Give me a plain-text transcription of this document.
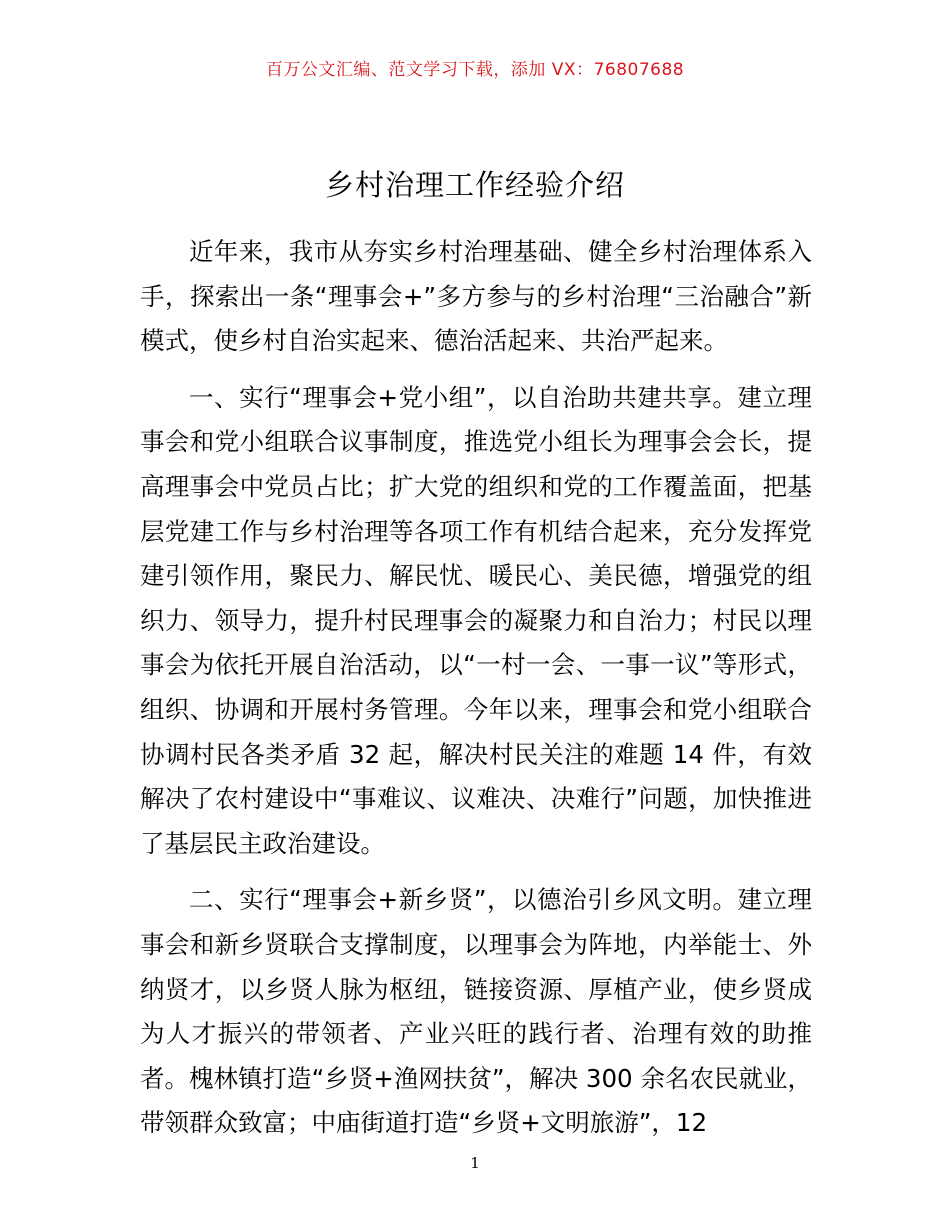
百万公文汇编、范文学习下载，添加 VX：76807688
乡村治理工作经验介绍

近年来，我市从夯实乡村治理基础、健全乡村治理体系入手，探索出一条“理事会+”多方参与的乡村治理“三治融合”新模式，使乡村自治实起来、德治活起来、共治严起来。

一、实行“理事会+党小组”，以自治助共建共享。建立理事会和党小组联合议事制度，推选党小组长为理事会会长，提高理事会中党员占比；扩大党的组织和党的工作覆盖面，把基层党建工作与乡村治理等各项工作有机结合起来，充分发挥党建引领作用，聚民力、解民忧、暖民心、美民德，增强党的组织力、领导力，提升村民理事会的凝聚力和自治力；村民以理事会为依托开展自治活动，以“一村一会、一事一议”等形式，组织、协调和开展村务管理。今年以来，理事会和党小组联合协调村民各类矛盾 32 起，解决村民关注的难题 14 件，有效解决了农村建设中“事难议、议难决、决难行”问题，加快推进了基层民主政治建设。

二、实行“理事会+新乡贤”，以德治引乡风文明。建立理事会和新乡贤联合支撑制度，以理事会为阵地，内举能士、外纳贤才，以乡贤人脉为枢纽，链接资源、厚植产业，使乡贤成为人才振兴的带领者、产业兴旺的践行者、治理有效的助推者。槐林镇打造“乡贤+渔网扶贫”，解决 300 余名农民就业，带领群众致富；中庙街道打造“乡贤+文明旅游”，12

1
